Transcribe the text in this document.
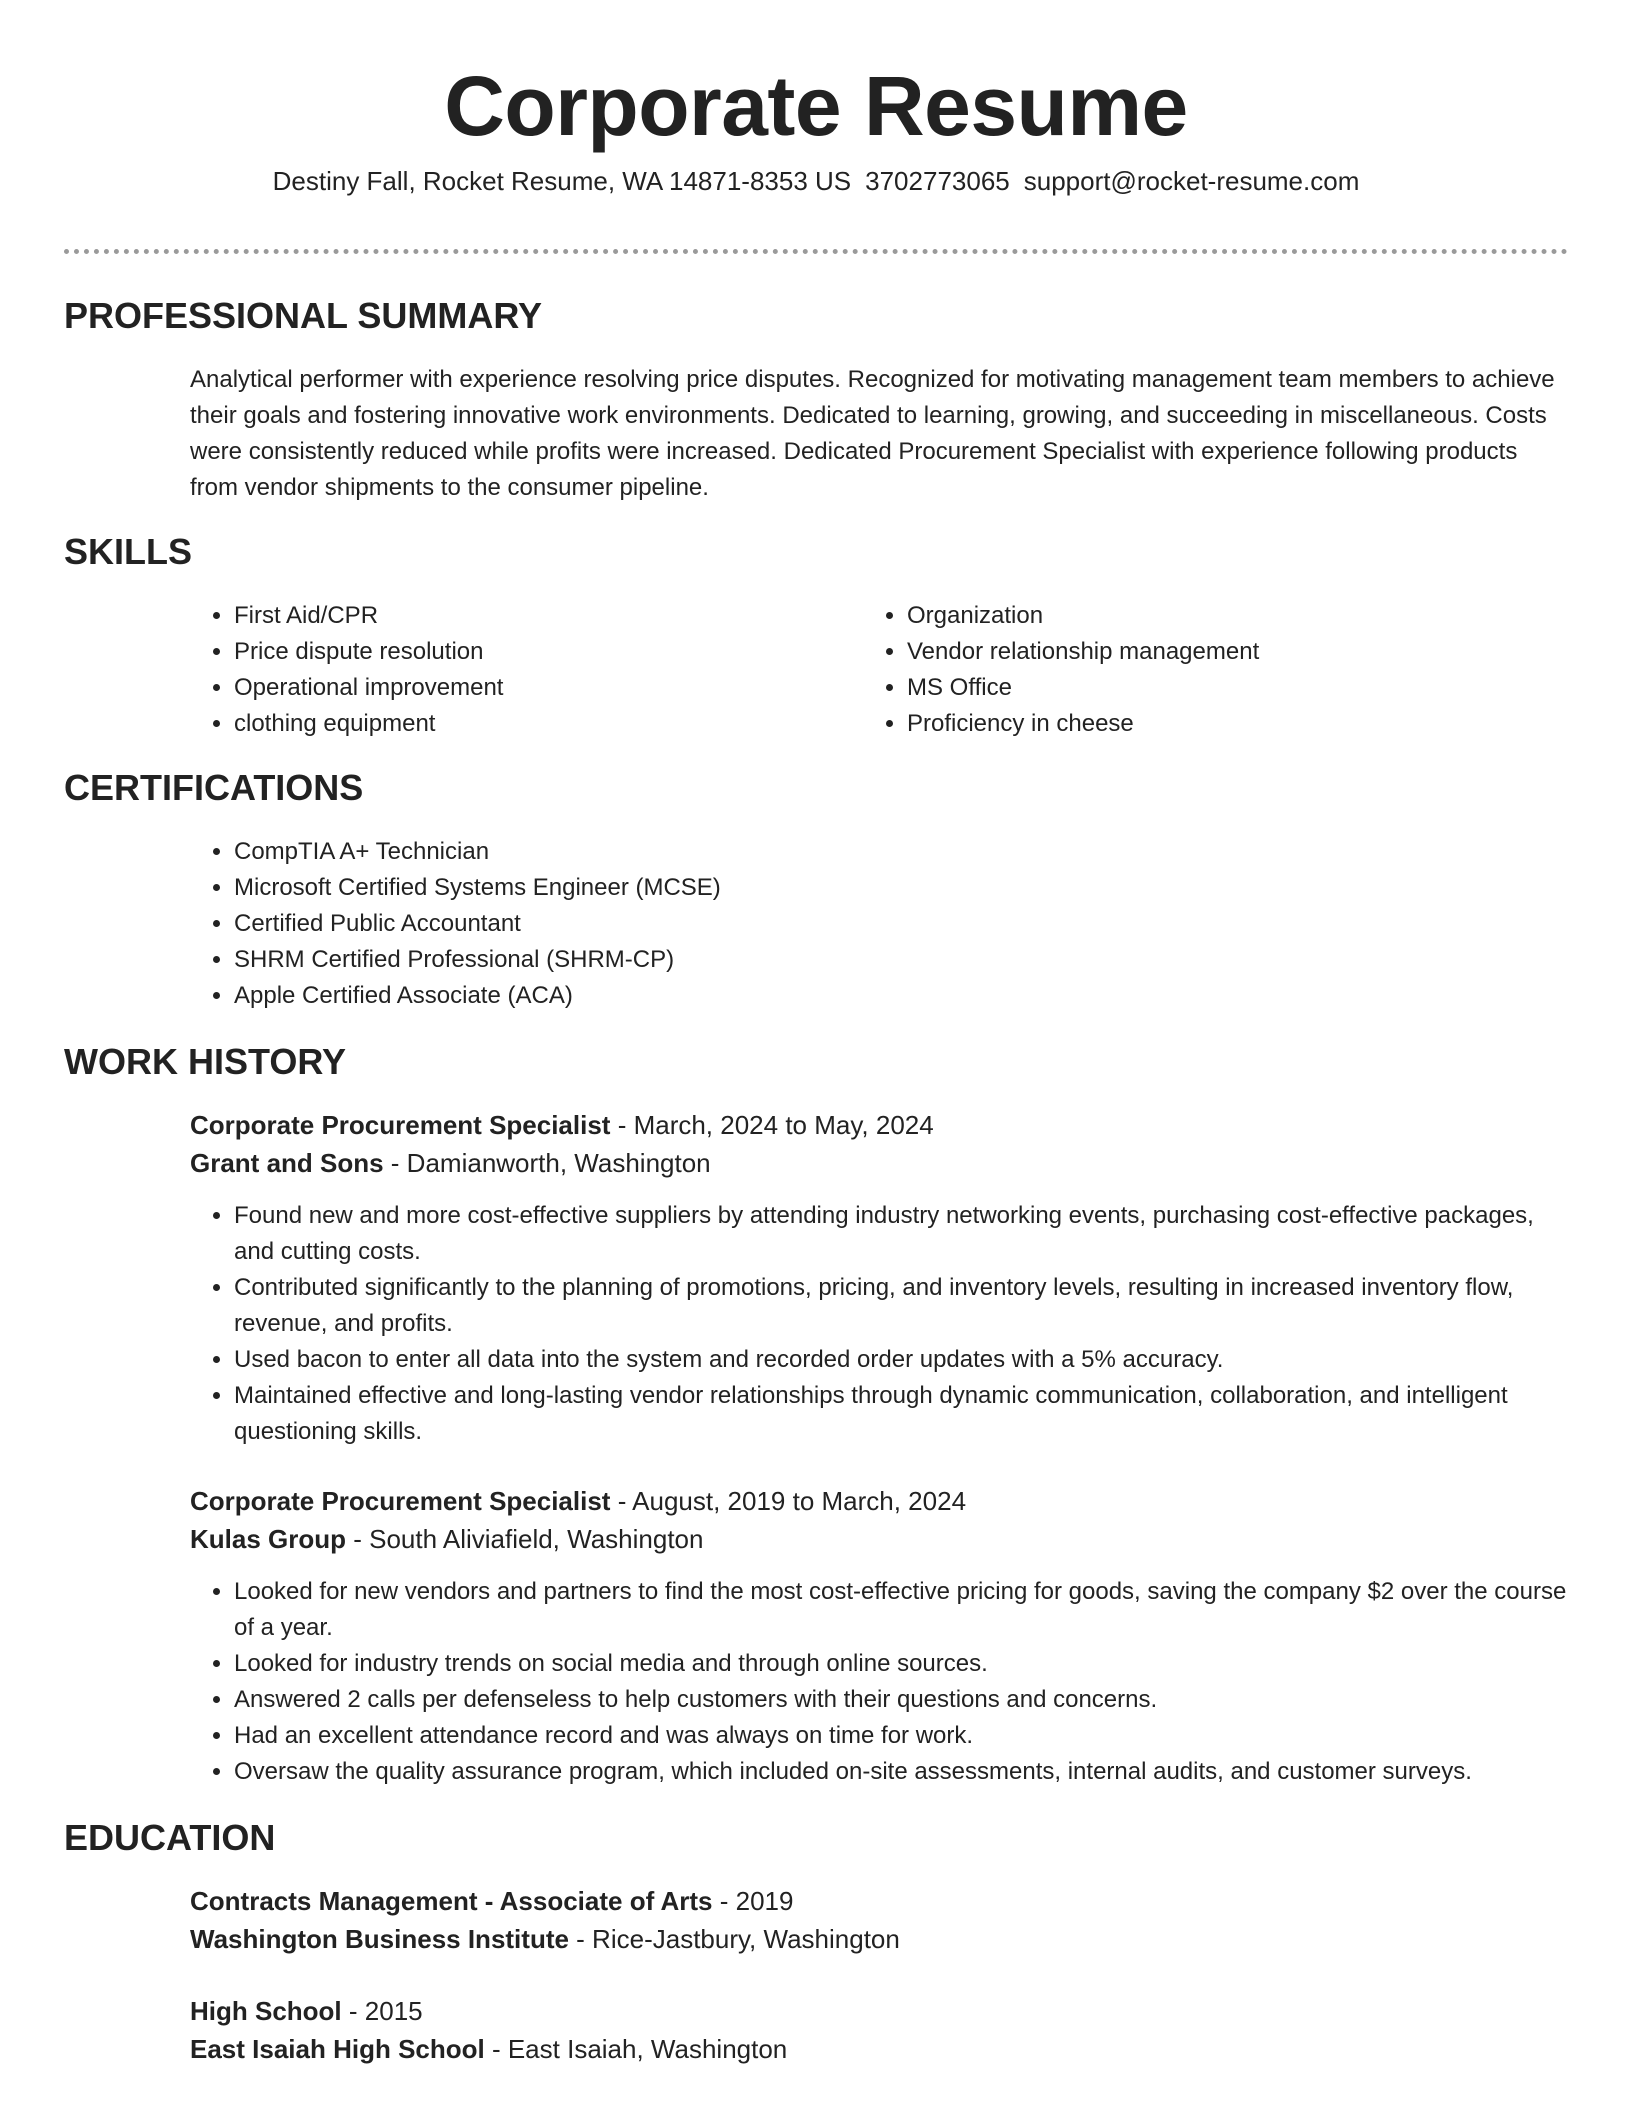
Corporate Resume

Destiny Fall, Rocket Resume, WA 14871-8353 US 3702773065 support@rocket-resume.com

PROFESSIONAL SUMMARY

Analytical performer with experience resolving price disputes. Recognized for motivating management team members to achieve their goals and fostering innovative work environments. Dedicated to learning, growing, and succeeding in miscellaneous. Costs were consistently reduced while profits were increased. Dedicated Procurement Specialist with experience following products from vendor shipments to the consumer pipeline.

SKILLS
• First Aid/CPR
• Price dispute resolution
• Operational improvement
• clothing equipment
• Organization
• Vendor relationship management
• MS Office
• Proficiency in cheese
CERTIFICATIONS
• CompTIA A+ Technician
• Microsoft Certified Systems Engineer (MCSE)
• Certified Public Accountant
• SHRM Certified Professional (SHRM-CP)
• Apple Certified Associate (ACA)
WORK HISTORY

Corporate Procurement Specialist - March, 2024 to May, 2024

Grant and Sons - Damianworth, Washington

• Found new and more cost-effective suppliers by attending industry networking events, purchasing cost-effective packages, and cutting costs.
• Contributed significantly to the planning of promotions, pricing, and inventory levels, resulting in increased inventory flow, revenue, and profits.
• Used bacon to enter all data into the system and recorded order updates with a 5% accuracy.
• Maintained effective and long-lasting vendor relationships through dynamic communication, collaboration, and intelligent questioning skills.

Corporate Procurement Specialist - August, 2019 to March, 2024

Kulas Group - South Aliviafield, Washington

• Looked for new vendors and partners to find the most cost-effective pricing for goods, saving the company $2 over the course of a year.
• Looked for industry trends on social media and through online sources.
• Answered 2 calls per defenseless to help customers with their questions and concerns.
• Had an excellent attendance record and was always on time for work.
• Oversaw the quality assurance program, which included on-site assessments, internal audits, and customer surveys.
EDUCATION

Contracts Management - Associate of Arts - 2019

Washington Business Institute - Rice-Jastbury, Washington

High School - 2015

East Isaiah High School - East Isaiah, Washington
